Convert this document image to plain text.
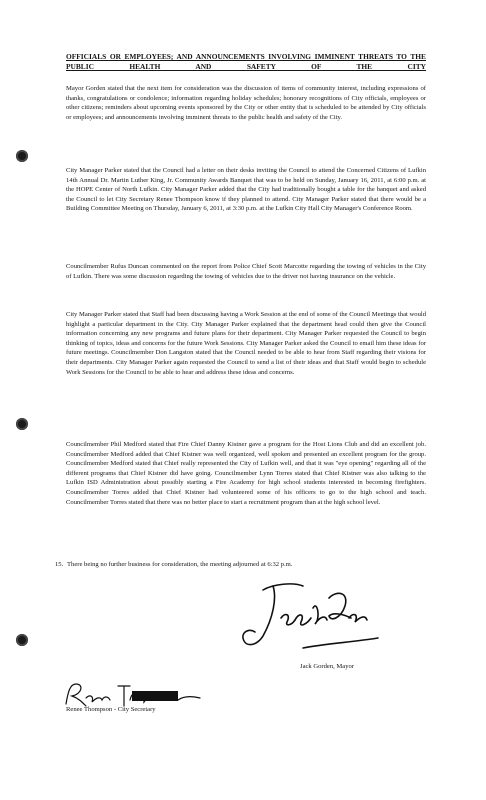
OFFICIALS OR EMPLOYEES; AND ANNOUNCEMENTS INVOLVING IMMINENT THREATS TO THE PUBLIC HEALTH AND SAFETY OF THE CITY
Mayor Gorden stated that the next item for consideration was the discussion of items of community interest, including expressions of thanks, congratulations or condolence; information regarding holiday schedules; honorary recognitions of City officials, employees or other citizens; reminders about upcoming events sponsored by the City or other entity that is scheduled to be attended by City officials or employees; and announcements involving imminent threats to the public health and safety of the City.
City Manager Parker stated that the Council had a letter on their desks inviting the Council to attend the Concerned Citizens of Lufkin 14th Annual Dr. Martin Luther King, Jr. Community Awards Banquet that was to be held on Sunday, January 16, 2011, at 6:00 p.m. at the HOPE Center of North Lufkin. City Manager Parker added that the City had traditionally bought a table for the banquet and asked the Council to let City Secretary Renee Thompson know if they planned to attend. City Manager Parker stated that there would be a Building Committee Meeting on Thursday, January 6, 2011, at 3:30 p.m. at the Lufkin City Hall City Manager's Conference Room.
Councilmember Rufus Duncan commented on the report from Police Chief Scott Marcotte regarding the towing of vehicles in the City of Lufkin. There was some discussion regarding the towing of vehicles due to the driver not having insurance on the vehicle.
City Manager Parker stated that Staff had been discussing having a Work Session at the end of some of the Council Meetings that would highlight a particular department in the City. City Manager Parker explained that the department head could then give the Council information concerning any new programs and future plans for their department. City Manager Parker requested the Council to begin thinking of topics, ideas and concerns for the future Work Sessions. City Manager Parker asked the Council to email him these ideas for future meetings. Councilmember Don Langston stated that the Council needed to be able to hear from Staff regarding their visions for their departments. City Manager Parker again requested the Council to send a list of their ideas and that Staff would begin to schedule Work Sessions for the Council to be able to hear and address these ideas and concerns.
Councilmember Phil Medford stated that Fire Chief Danny Kistner gave a program for the Host Lions Club and did an excellent job. Councilmember Medford added that Chief Kistner was well organized, well spoken and presented an excellent program for the group. Councilmember Medford stated that Chief really represented the City of Lufkin well, and that it was "eye opening" regarding all of the different programs that Chief Kistner did have going. Councilmember Lynn Torres stated that Chief Kistner was also talking to the Lufkin ISD Administration about possibly starting a Fire Academy for high school students interested in becoming firefighters. Councilmember Torres added that Chief Kistner had volunteered some of his officers to go to the high school and teach. Councilmember Torres stated that there was no better place to start a recruitment program than at the high school level.
15. There being no further business for consideration, the meeting adjourned at 6:32 p.m.
Jack Gorden, Mayor
Renee Thompson - City Secretary
